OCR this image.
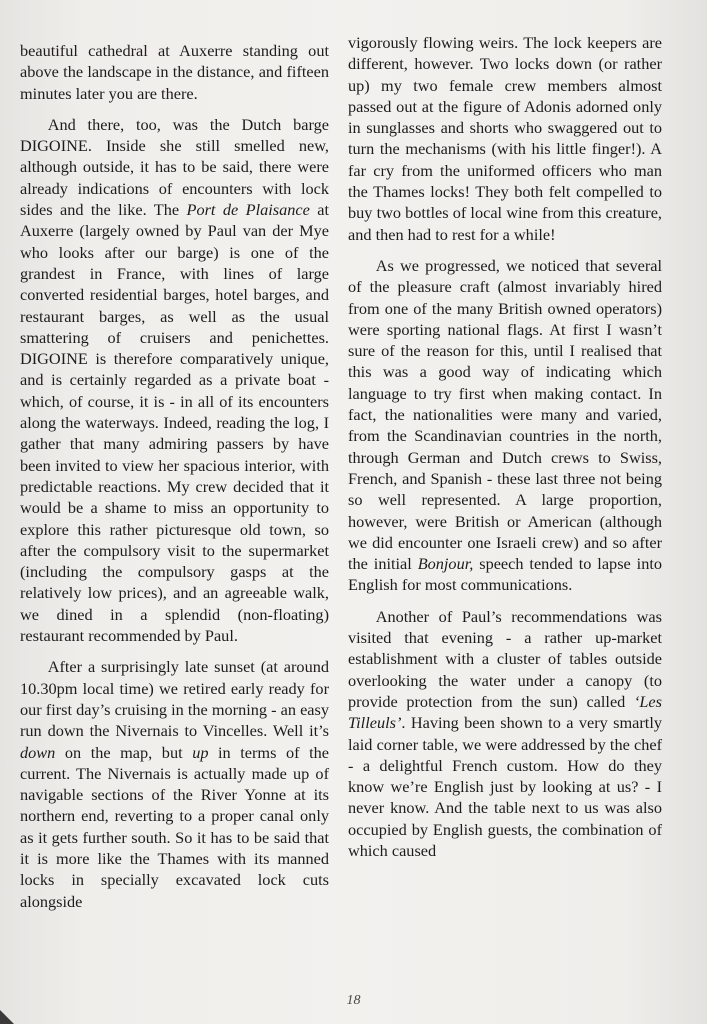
beautiful cathedral at Auxerre standing out above the landscape in the distance, and fifteen minutes later you are there.

And there, too, was the Dutch barge DIGOINE. Inside she still smelled new, although outside, it has to be said, there were already indications of encounters with lock sides and the like. The Port de Plaisance at Auxerre (largely owned by Paul van der Mye who looks after our barge) is one of the grandest in France, with lines of large converted residential barges, hotel barges, and restaurant barges, as well as the usual smattering of cruisers and penichettes. DIGOINE is therefore comparatively unique, and is certainly regarded as a private boat - which, of course, it is - in all of its encounters along the waterways. Indeed, reading the log, I gather that many admiring passers by have been invited to view her spacious interior, with predictable reactions. My crew decided that it would be a shame to miss an opportunity to explore this rather picturesque old town, so after the compulsory visit to the supermarket (including the compulsory gasps at the relatively low prices), and an agreeable walk, we dined in a splendid (non-floating) restaurant recommended by Paul.

After a surprisingly late sunset (at around 10.30pm local time) we retired early ready for our first day’s cruising in the morning - an easy run down the Nivernais to Vincelles. Well it’s down on the map, but up in terms of the current. The Nivernais is actually made up of navigable sections of the River Yonne at its northern end, reverting to a proper canal only as it gets further south. So it has to be said that it is more like the Thames with its manned locks in specially excavated lock cuts alongside

vigorously flowing weirs. The lock keepers are different, however. Two locks down (or rather up) my two female crew members almost passed out at the figure of Adonis adorned only in sunglasses and shorts who swaggered out to turn the mechanisms (with his little finger!). A far cry from the uniformed officers who man the Thames locks! They both felt compelled to buy two bottles of local wine from this creature, and then had to rest for a while!

As we progressed, we noticed that several of the pleasure craft (almost invariably hired from one of the many British owned operators) were sporting national flags. At first I wasn’t sure of the reason for this, until I realised that this was a good way of indicating which language to try first when making contact. In fact, the nationalities were many and varied, from the Scandinavian countries in the north, through German and Dutch crews to Swiss, French, and Spanish - these last three not being so well represented. A large proportion, however, were British or American (although we did encounter one Israeli crew) and so after the initial Bonjour, speech tended to lapse into English for most communications.

Another of Paul’s recommendations was visited that evening - a rather up-market establishment with a cluster of tables outside overlooking the water under a canopy (to provide protection from the sun) called ‘Les Tilleuls’. Having been shown to a very smartly laid corner table, we were addressed by the chef - a delightful French custom. How do they know we’re English just by looking at us? - I never know. And the table next to us was also occupied by English guests, the combination of which caused

18
